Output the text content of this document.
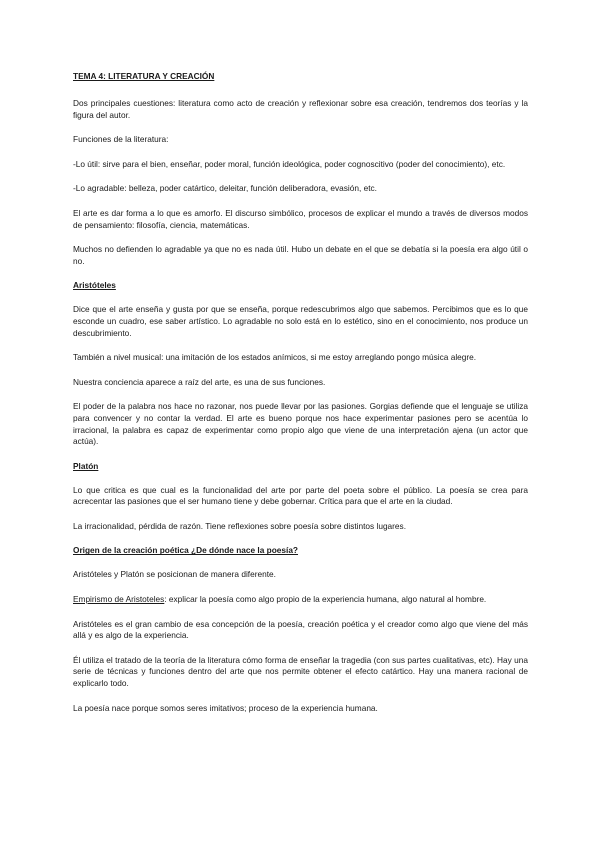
TEMA 4: LITERATURA Y CREACIÓN

Dos principales cuestiones: literatura como acto de creación y reflexionar sobre esa creación, tendremos dos teorías y la figura del autor.

Funciones de la literatura:

-Lo útil: sirve para el bien, enseñar, poder moral, función ideológica, poder cognoscitivo (poder del conocimiento), etc.

-Lo agradable: belleza, poder catártico, deleitar, función deliberadora, evasión, etc.

El arte es dar forma a lo que es amorfo. El discurso simbólico, procesos de explicar el mundo a través de diversos modos de pensamiento: filosofía, ciencia, matemáticas.

Muchos no defienden lo agradable ya que no es nada útil. Hubo un debate en el que se debatía si la poesía era algo útil o no.

Aristóteles

Dice que el arte enseña y gusta por que se enseña, porque redescubrimos algo que sabemos. Percibimos que es lo que esconde un cuadro, ese saber artístico. Lo agradable no solo está en lo estético, sino en el conocimiento, nos produce un descubrimiento.

También a nivel musical: una imitación de los estados anímicos, si me estoy arreglando pongo música alegre.

Nuestra conciencia aparece a raíz del arte, es una de sus funciones.

El poder de la palabra nos hace no razonar, nos puede llevar por las pasiones. Gorgias defiende que el lenguaje se utiliza para convencer y no contar la verdad. El arte es bueno porque nos hace experimentar pasiones pero se acentúa lo irracional, la palabra es capaz de experimentar como propio algo que viene de una interpretación ajena (un actor que actúa).

Platón

Lo que critica es que cual es la funcionalidad del arte por parte del poeta sobre el público. La poesía se crea para acrecentar las pasiones que el ser humano tiene y debe gobernar. Crítica para que el arte en la ciudad.

La irracionalidad, pérdida de razón. Tiene reflexiones sobre poesía sobre distintos lugares.

Origen de la creación poética ¿De dónde nace la poesía?

Aristóteles y Platón se posicionan de manera diferente.

Empirismo de Aristoteles: explicar la poesía como algo propio de la experiencia humana, algo natural al hombre.

Aristóteles es el gran cambio de esa concepción de la poesía, creación poética y el creador como algo que viene del más allá y es algo de la experiencia.

Él utiliza el tratado de la teoría de la literatura cómo forma de enseñar la tragedia (con sus partes cualitativas, etc). Hay una serie de técnicas y funciones dentro del arte que nos permite obtener el efecto catártico. Hay una manera racional de explicarlo todo.

La poesía nace porque somos seres imitativos; proceso de la experiencia humana.
